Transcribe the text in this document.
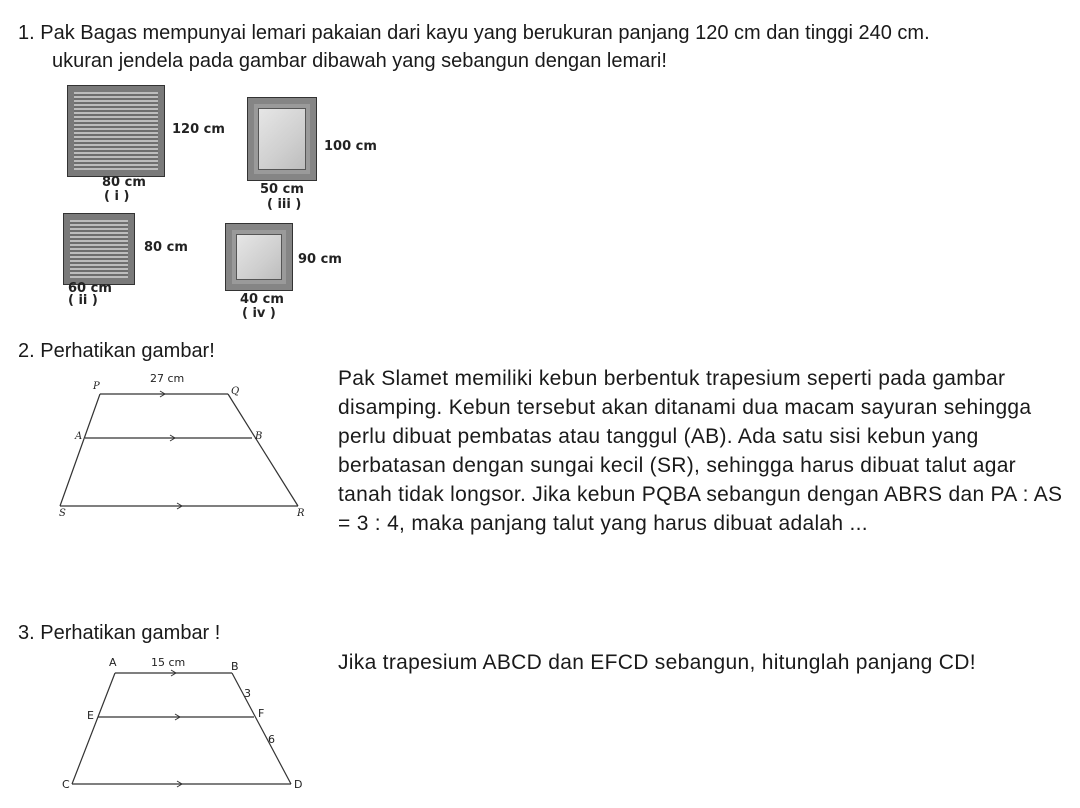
1. Pak Bagas mempunyai lemari pakaian dari kayu yang berukuran panjang 120 cm dan tinggi 240 cm.
ukuran jendela pada gambar dibawah yang sebangun dengan lemari!
120 cm
80 cm
( i )
100 cm
50 cm
( iii )
80 cm
60 cm
( ii )
90 cm
40 cm
( iv )
2. Perhatikan gambar!
27 cm
P	Q
A	B
S	R
Pak Slamet memiliki kebun berbentuk trapesium seperti pada gambar
disamping. Kebun tersebut akan ditanami dua macam sayuran sehingga
perlu dibuat pembatas atau tanggul (AB). Ada satu sisi kebun yang
berbatasan dengan sungai kecil (SR), sehingga harus dibuat talut agar
tanah tidak longsor. Jika kebun PQBA sebangun dengan ABRS dan PA : AS
= 3 : 4, maka panjang talut yang harus dibuat adalah ...
3. Perhatikan gambar !
15 cm
A	B
3
E	F
6
C	D
Jika trapesium ABCD dan EFCD sebangun, hitunglah panjang CD!
